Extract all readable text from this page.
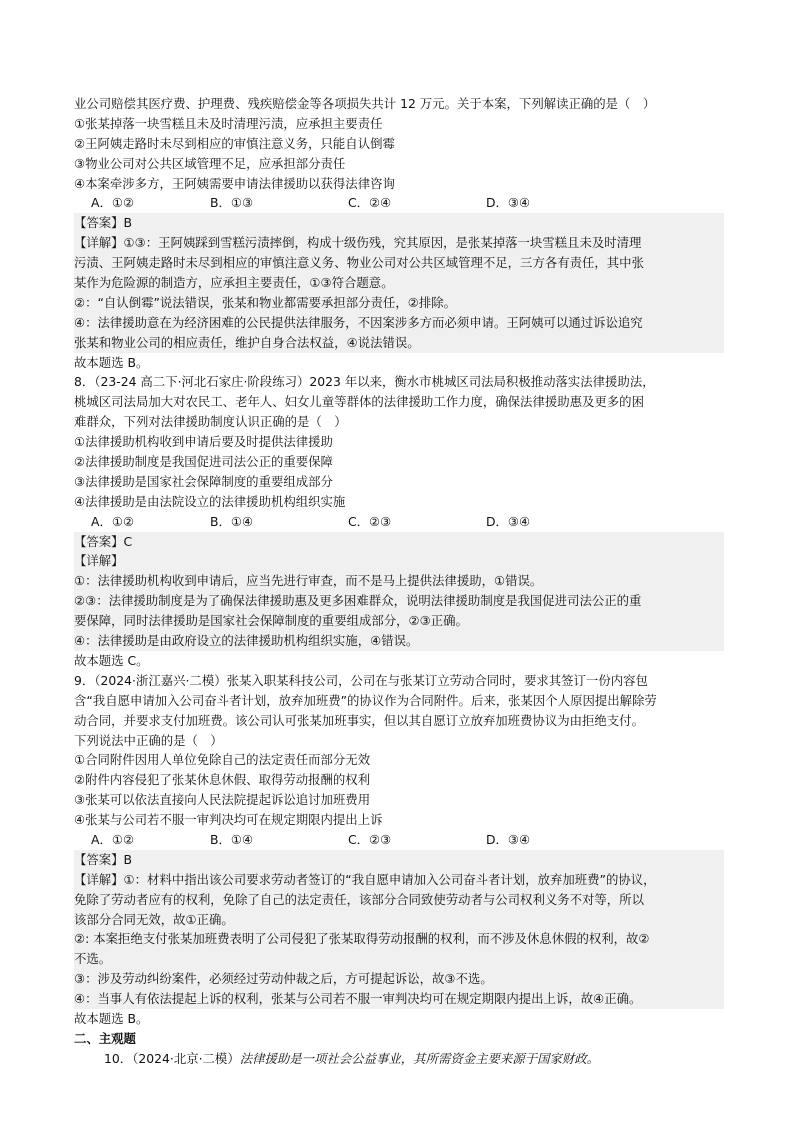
业公司赔偿其医疗费、护理费、残疾赔偿金等各项损失共计 12 万元。关于本案，下列解读正确的是（　）
①张某掉落一块雪糕且未及时清理污渍，应承担主要责任
②王阿姨走路时未尽到相应的审慎注意义务，只能自认倒霉
③物业公司对公共区域管理不足，应承担部分责任
④本案牵涉多方，王阿姨需要申请法律援助以获得法律咨询
A．①②	B．①③	C．②④	D．③④
【答案】B
【详解】①③：王阿姨踩到雪糕污渍摔倒，构成十级伤残，究其原因，是张某掉落一块雪糕且未及时清理
污渍、王阿姨走路时未尽到相应的审慎注意义务、物业公司对公共区域管理不足，三方各有责任，其中张
某作为危险源的制造方，应承担主要责任，①③符合题意。
②：“自认倒霉”说法错误，张某和物业都需要承担部分责任，②排除。
④：法律援助意在为经济困难的公民提供法律服务，不因案涉多方而必须申请。王阿姨可以通过诉讼追究
张某和物业公司的相应责任，维护自身合法权益，④说法错误。
故本题选 B。
8．（23-24 高二下·河北石家庄·阶段练习）2023 年以来，衡水市桃城区司法局积极推动落实法律援助法，
桃城区司法局加大对农民工、老年人、妇女儿童等群体的法律援助工作力度，确保法律援助惠及更多的困
难群众，下列对法律援助制度认识正确的是（　）
①法律援助机构收到申请后要及时提供法律援助
②法律援助制度是我国促进司法公正的重要保障
③法律援助是国家社会保障制度的重要组成部分
④法律援助是由法院设立的法律援助机构组织实施
A．①②	B．①④	C．②③	D．③④
【答案】C
【详解】
①：法律援助机构收到申请后，应当先进行审查，而不是马上提供法律援助，①错误。
②③：法律援助制度是为了确保法律援助惠及更多困难群众，说明法律援助制度是我国促进司法公正的重
要保障，同时法律援助是国家社会保障制度的重要组成部分，②③正确。
④：法律援助是由政府设立的法律援助机构组织实施，④错误。
故本题选 C。
9．（2024·浙江嘉兴·二模）张某入职某科技公司，公司在与张某订立劳动合同时，要求其签订一份内容包
含“我自愿申请加入公司奋斗者计划，放弃加班费”的协议作为合同附件。后来，张某因个人原因提出解除劳
动合同，并要求支付加班费。该公司认可张某加班事实，但以其自愿订立放弃加班费协议为由拒绝支付。
下列说法中正确的是（　）
①合同附件因用人单位免除自己的法定责任而部分无效
②附件内容侵犯了张某休息休假、取得劳动报酬的权利
③张某可以依法直接向人民法院提起诉讼追讨加班费用
④张某与公司若不服一审判决均可在规定期限内提出上诉
A．①②	B．①④	C．②③	D．③④
【答案】B
【详解】①：材料中指出该公司要求劳动者签订的“我自愿申请加入公司奋斗者计划，放弃加班费”的协议，
免除了劳动者应有的权利，免除了自己的法定责任，该部分合同致使劳动者与公司权利义务不对等，所以
该部分合同无效，故①正确。
②: 本案拒绝支付张某加班费表明了公司侵犯了张某取得劳动报酬的权利，而不涉及休息休假的权利，故②
不选。
③：涉及劳动纠纷案件，必须经过劳动仲裁之后，方可提起诉讼，故③不选。
④：当事人有依法提起上诉的权利，张某与公司若不服一审判决均可在规定期限内提出上诉，故④正确。
故本题选 B。
二、主观题
10．（2024·北京·二模）法律援助是一项社会公益事业，其所需资金主要来源于国家财政。
